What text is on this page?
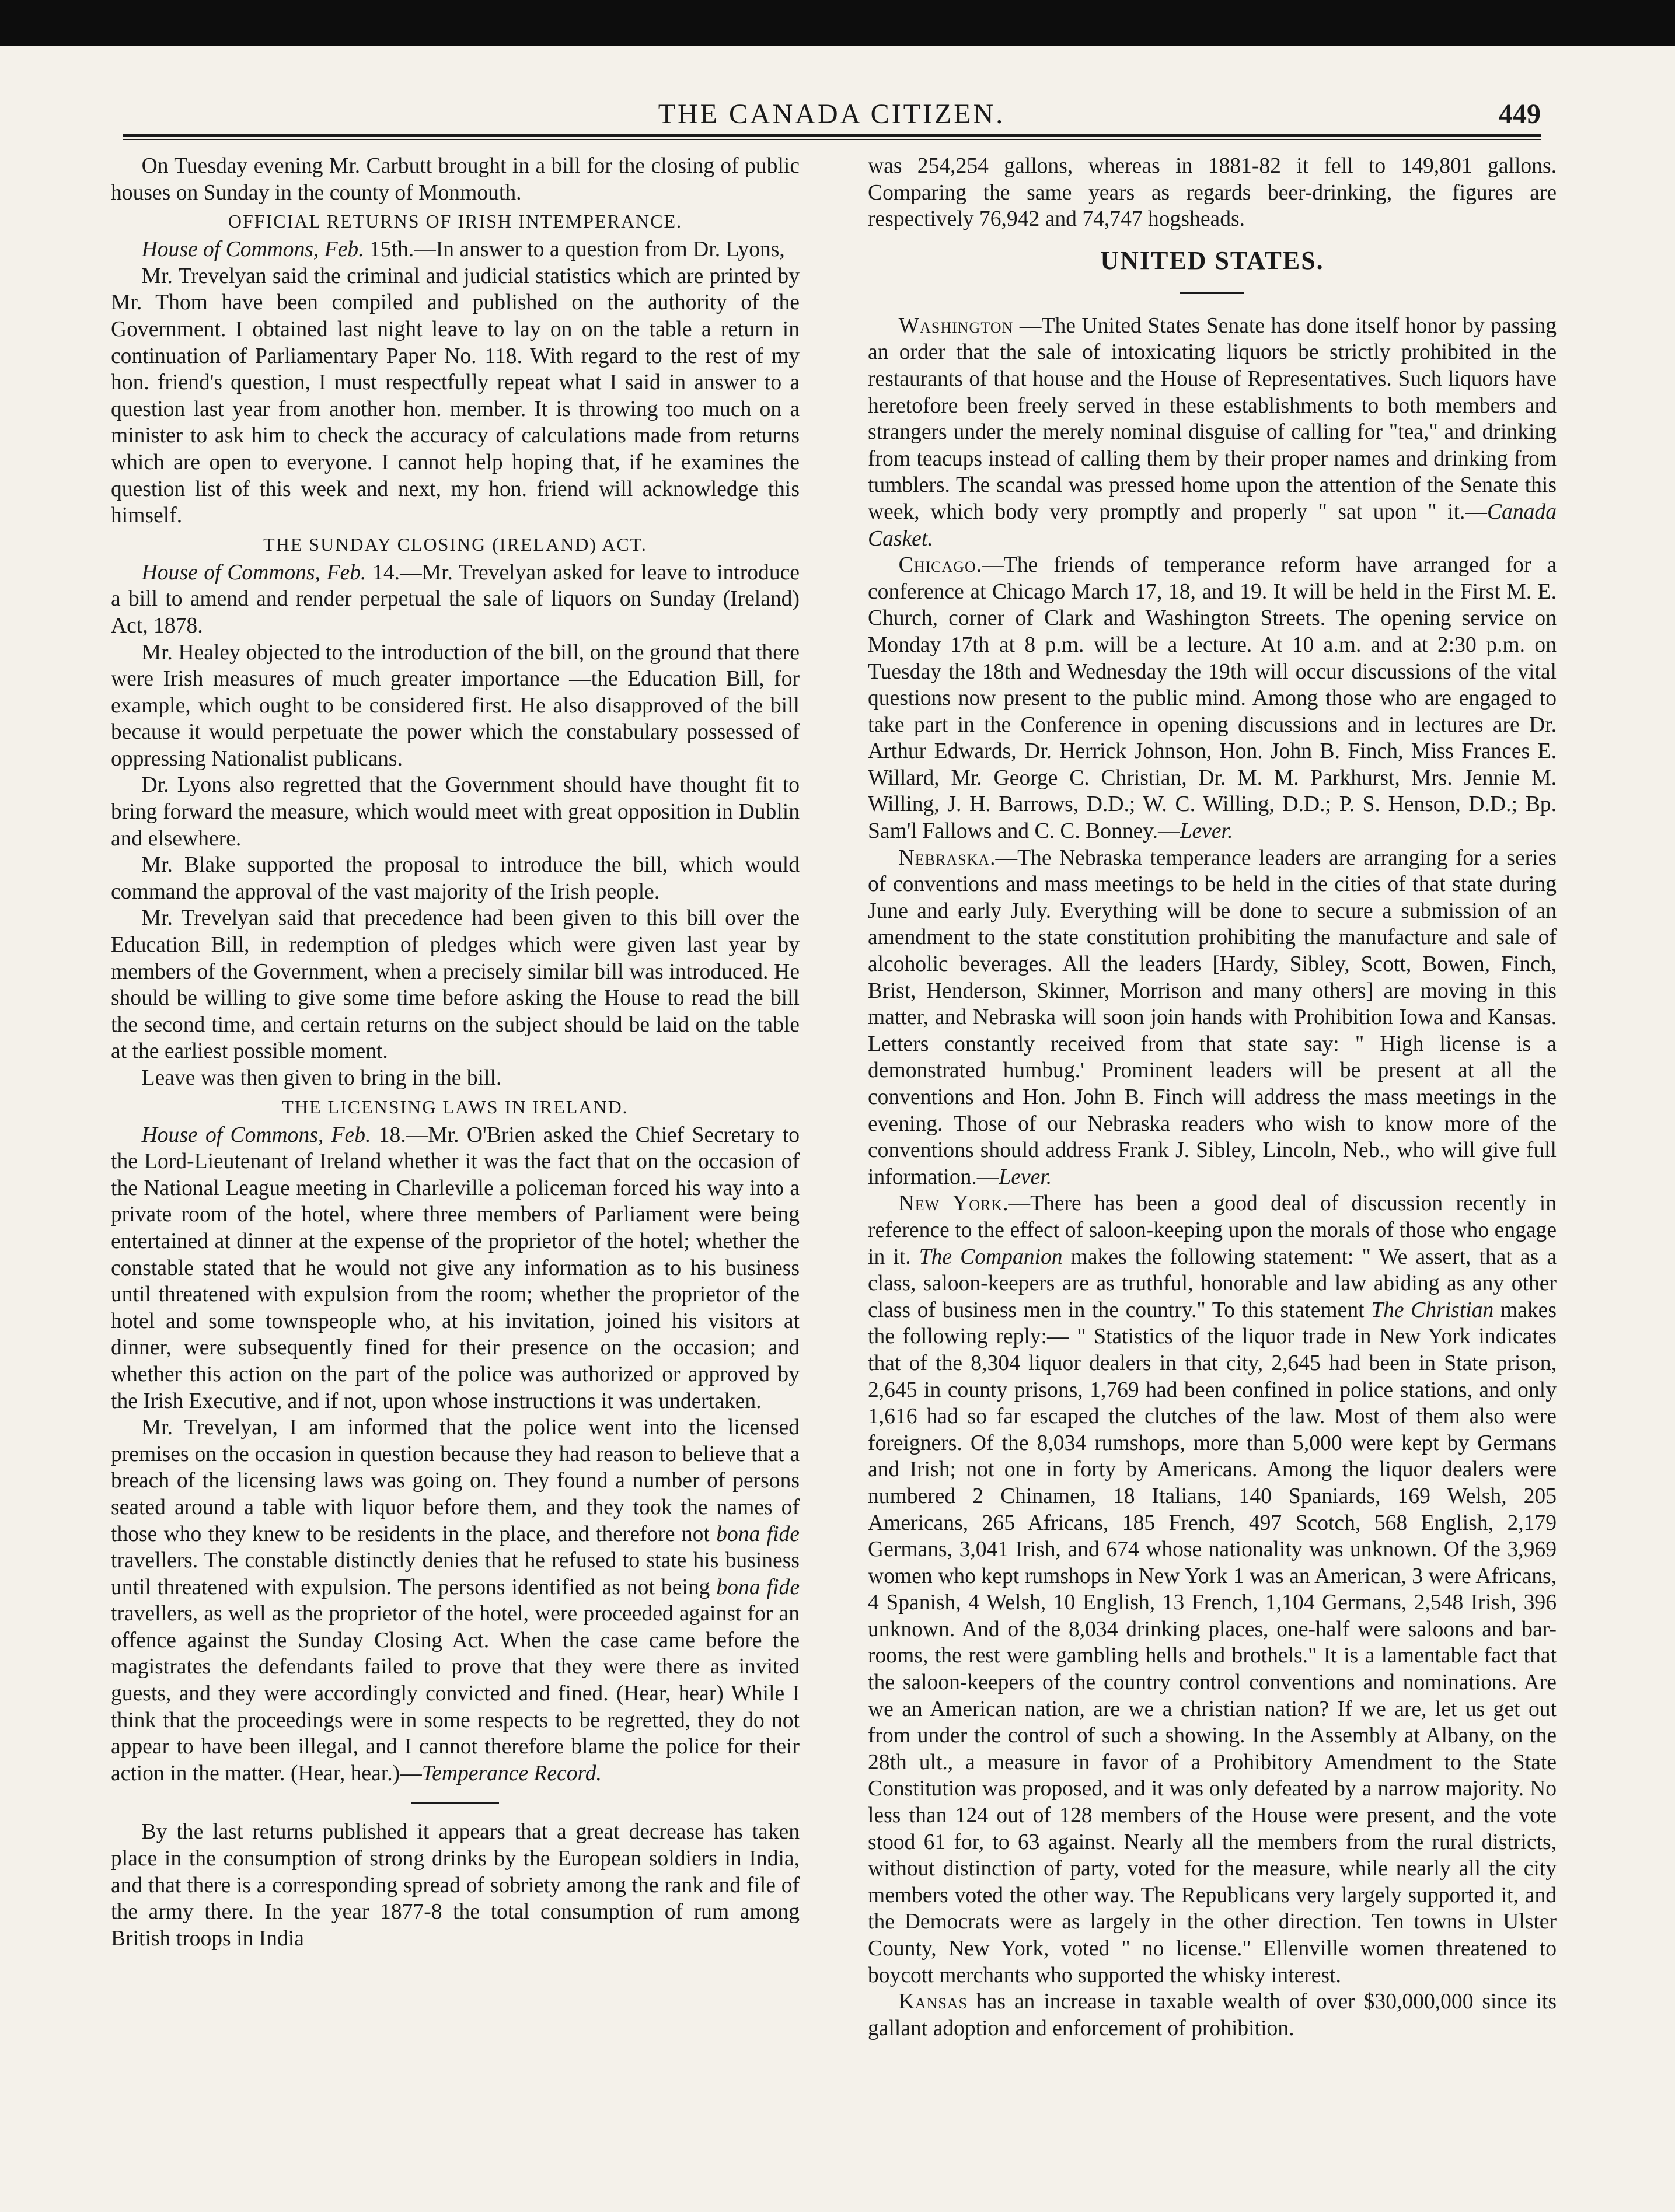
THE CANADA CITIZEN.	449

On Tuesday evening Mr. Carbutt brought in a bill for the closing of public houses on Sunday in the county of Monmouth.

OFFICIAL RETURNS OF IRISH INTEMPERANCE.

House of Commons, Feb. 15th.—In answer to a question from Dr. Lyons,

Mr. Trevelyan said the criminal and judicial statistics which are printed by Mr. Thom have been compiled and published on the authority of the Government. I obtained last night leave to lay on on the table a return in continuation of Parliamentary Paper No. 118. With regard to the rest of my hon. friend's question, I must respectfully repeat what I said in answer to a question last year from another hon. member. It is throwing too much on a minister to ask him to check the accuracy of calculations made from returns which are open to everyone. I cannot help hoping that, if he examines the question list of this week and next, my hon. friend will acknowledge this himself.

THE SUNDAY CLOSING (IRELAND) ACT.

House of Commons, Feb. 14.—Mr. Trevelyan asked for leave to introduce a bill to amend and render perpetual the sale of liquors on Sunday (Ireland) Act, 1878.

Mr. Healey objected to the introduction of the bill, on the ground that there were Irish measures of much greater importance —the Education Bill, for example, which ought to be considered first. He also disapproved of the bill because it would perpetuate the power which the constabulary possessed of oppressing Nationalist publicans.

Dr. Lyons also regretted that the Government should have thought fit to bring forward the measure, which would meet with great opposition in Dublin and elsewhere.

Mr. Blake supported the proposal to introduce the bill, which would command the approval of the vast majority of the Irish people.

Mr. Trevelyan said that precedence had been given to this bill over the Education Bill, in redemption of pledges which were given last year by members of the Government, when a precisely similar bill was introduced. He should be willing to give some time before asking the House to read the bill the second time, and certain returns on the subject should be laid on the table at the earliest possible moment.

Leave was then given to bring in the bill.

THE LICENSING LAWS IN IRELAND.

House of Commons, Feb. 18.—Mr. O'Brien asked the Chief Secretary to the Lord-Lieutenant of Ireland whether it was the fact that on the occasion of the National League meeting in Charleville a policeman forced his way into a private room of the hotel, where three members of Parliament were being entertained at dinner at the expense of the proprietor of the hotel; whether the constable stated that he would not give any information as to his business until threatened with expulsion from the room; whether the proprietor of the hotel and some townspeople who, at his invitation, joined his visitors at dinner, were subsequently fined for their presence on the occasion; and whether this action on the part of the police was authorized or approved by the Irish Executive, and if not, upon whose instructions it was undertaken.

Mr. Trevelyan, I am informed that the police went into the licensed premises on the occasion in question because they had reason to believe that a breach of the licensing laws was going on. They found a number of persons seated around a table with liquor before them, and they took the names of those who they knew to be residents in the place, and therefore not bona fide travellers. The constable distinctly denies that he refused to state his business until threatened with expulsion. The persons identified as not being bona fide travellers, as well as the proprietor of the hotel, were proceeded against for an offence against the Sunday Closing Act. When the case came before the magistrates the defendants failed to prove that they were there as invited guests, and they were accordingly convicted and fined. (Hear, hear) While I think that the proceedings were in some respects to be regretted, they do not appear to have been illegal, and I cannot therefore blame the police for their action in the matter. (Hear, hear.)—Temperance Record.

By the last returns published it appears that a great decrease has taken place in the consumption of strong drinks by the European soldiers in India, and that there is a corresponding spread of sobriety among the rank and file of the army there. In the year 1877-8 the total consumption of rum among British troops in India

was 254,254 gallons, whereas in 1881-82 it fell to 149,801 gallons. Comparing the same years as regards beer-drinking, the figures are respectively 76,942 and 74,747 hogsheads.

UNITED STATES.

Washington —The United States Senate has done itself honor by passing an order that the sale of intoxicating liquors be strictly prohibited in the restaurants of that house and the House of Representatives. Such liquors have heretofore been freely served in these establishments to both members and strangers under the merely nominal disguise of calling for "tea," and drinking from teacups instead of calling them by their proper names and drinking from tumblers. The scandal was pressed home upon the attention of the Senate this week, which body very promptly and properly " sat upon " it.—Canada Casket.

Chicago.—The friends of temperance reform have arranged for a conference at Chicago March 17, 18, and 19. It will be held in the First M. E. Church, corner of Clark and Washington Streets. The opening service on Monday 17th at 8 p.m. will be a lecture. At 10 a.m. and at 2:30 p.m. on Tuesday the 18th and Wednesday the 19th will occur discussions of the vital questions now present to the public mind. Among those who are engaged to take part in the Conference in opening discussions and in lectures are Dr. Arthur Edwards, Dr. Herrick Johnson, Hon. John B. Finch, Miss Frances E. Willard, Mr. George C. Christian, Dr. M. M. Parkhurst, Mrs. Jennie M. Willing, J. H. Barrows, D.D.; W. C. Willing, D.D.; P. S. Henson, D.D.; Bp. Sam'l Fallows and C. C. Bonney.—Lever.

Nebraska.—The Nebraska temperance leaders are arranging for a series of conventions and mass meetings to be held in the cities of that state during June and early July. Everything will be done to secure a submission of an amendment to the state constitution prohibiting the manufacture and sale of alcoholic beverages. All the leaders [Hardy, Sibley, Scott, Bowen, Finch, Brist, Henderson, Skinner, Morrison and many others] are moving in this matter, and Nebraska will soon join hands with Prohibition Iowa and Kansas. Letters constantly received from that state say: " High license is a demonstrated humbug.' Prominent leaders will be present at all the conventions and Hon. John B. Finch will address the mass meetings in the evening. Those of our Nebraska readers who wish to know more of the conventions should address Frank J. Sibley, Lincoln, Neb., who will give full information.—Lever.

New York.—There has been a good deal of discussion recently in reference to the effect of saloon-keeping upon the morals of those who engage in it. The Companion makes the following statement: " We assert, that as a class, saloon-keepers are as truthful, honorable and law abiding as any other class of business men in the country." To this statement The Christian makes the following reply:— " Statistics of the liquor trade in New York indicates that of the 8,304 liquor dealers in that city, 2,645 had been in State prison, 2,645 in county prisons, 1,769 had been confined in police stations, and only 1,616 had so far escaped the clutches of the law. Most of them also were foreigners. Of the 8,034 rumshops, more than 5,000 were kept by Germans and Irish; not one in forty by Americans. Among the liquor dealers were numbered 2 Chinamen, 18 Italians, 140 Spaniards, 169 Welsh, 205 Americans, 265 Africans, 185 French, 497 Scotch, 568 English, 2,179 Germans, 3,041 Irish, and 674 whose nationality was unknown. Of the 3,969 women who kept rumshops in New York 1 was an American, 3 were Africans, 4 Spanish, 4 Welsh, 10 English, 13 French, 1,104 Germans, 2,548 Irish, 396 unknown. And of the 8,034 drinking places, one-half were saloons and bar-rooms, the rest were gambling hells and brothels." It is a lamentable fact that the saloon-keepers of the country control conventions and nominations. Are we an American nation, are we a christian nation? If we are, let us get out from under the control of such a showing. In the Assembly at Albany, on the 28th ult., a measure in favor of a Prohibitory Amendment to the State Constitution was proposed, and it was only defeated by a narrow majority. No less than 124 out of 128 members of the House were present, and the vote stood 61 for, to 63 against. Nearly all the members from the rural districts, without distinction of party, voted for the measure, while nearly all the city members voted the other way. The Republicans very largely supported it, and the Democrats were as largely in the other direction. Ten towns in Ulster County, New York, voted " no license." Ellenville women threatened to boycott merchants who supported the whisky interest.

Kansas has an increase in taxable wealth of over $30,000,000 since its gallant adoption and enforcement of prohibition.
